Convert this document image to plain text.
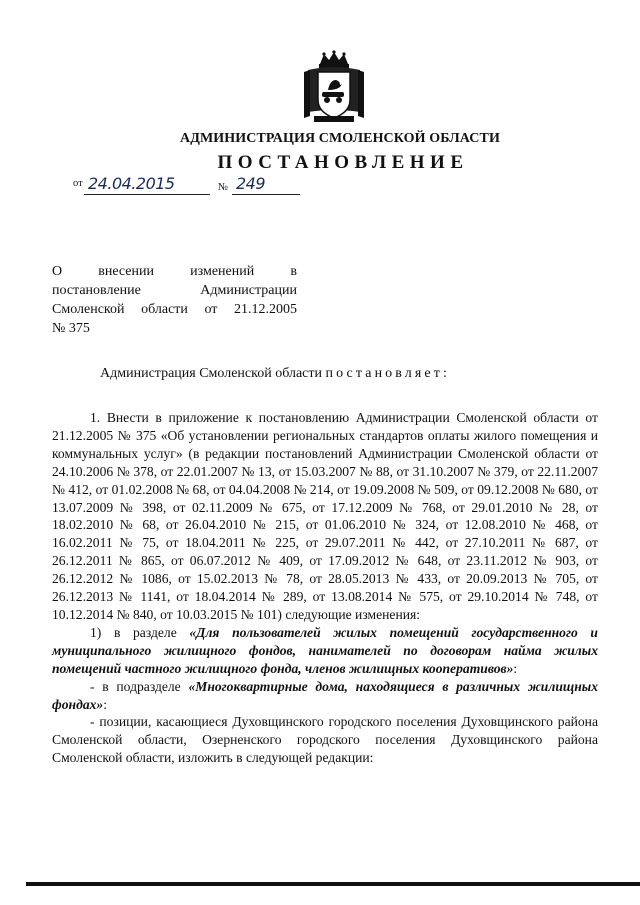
АДМИНИСТРАЦИЯ СМОЛЕНСКОЙ ОБЛАСТИ
ПОСТАНОВЛЕНИЕ
от 24.04.2015	№ 249
О внесении изменений в
постановление Администрации
Смоленской области от 21.12.2005
№ 375
Администрация Смоленской области постановляет:

1. Внести в приложение к постановлению Администрации Смоленской области от 21.12.2005 № 375 «Об установлении региональных стандартов оплаты жилого помещения и коммунальных услуг» (в редакции постановлений Администрации Смоленской области от 24.10.2006 № 378, от 22.01.2007 № 13, от 15.03.2007 № 88, от 31.10.2007 № 379, от 22.11.2007 № 412, от 01.02.2008 № 68, от 04.04.2008 № 214, от 19.09.2008 № 509, от 09.12.2008 № 680, от 13.07.2009 № 398, от 02.11.2009 № 675, от 17.12.2009 № 768, от 29.01.2010 № 28, от 18.02.2010 № 68, от 26.04.2010 № 215, от 01.06.2010 № 324, от 12.08.2010 № 468, от 16.02.2011 № 75, от 18.04.2011 № 225, от 29.07.2011 № 442, от 27.10.2011 № 687, от 26.12.2011 № 865, от 06.07.2012 № 409, от 17.09.2012 № 648, от 23.11.2012 № 903, от 26.12.2012 № 1086, от 15.02.2013 № 78, от 28.05.2013 № 433, от 20.09.2013 № 705, от 26.12.2013 № 1141, от 18.04.2014 № 289, от 13.08.2014 № 575, от 29.10.2014 № 748, от 10.12.2014 № 840, от 10.03.2015 № 101) следующие изменения:

1) в разделе «Для пользователей жилых помещений государственного и муниципального жилищного фондов, нанимателей по договорам найма жилых помещений частного жилищного фонда, членов жилищных кооперативов»:

- в подразделе «Многоквартирные дома, находящиеся в различных жилищных фондах»:

- позиции, касающиеся Духовщинского городского поселения Духовщинского района Смоленской области, Озерненского городского поселения Духовщинского района Смоленской области, изложить в следующей редакции:
